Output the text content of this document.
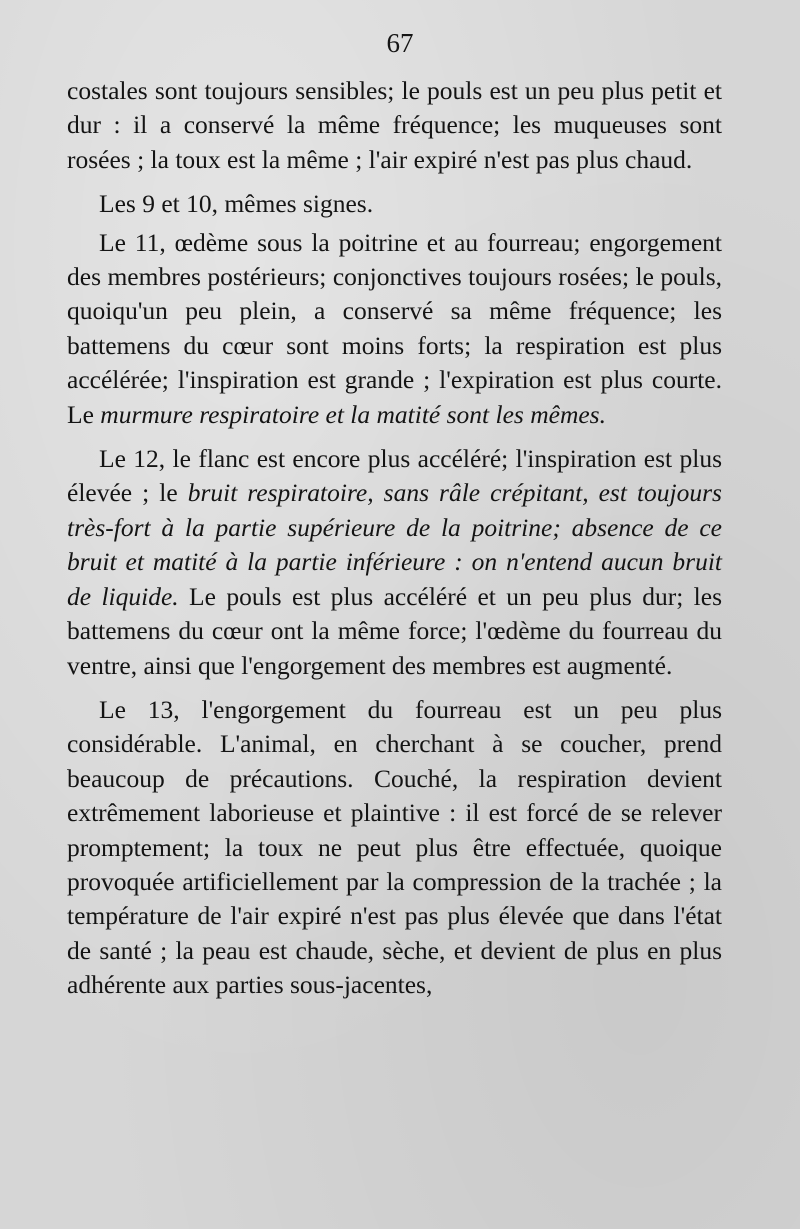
67

costales sont toujours sensibles; le pouls est un peu plus petit et dur : il a conservé la même fréquence; les muqueuses sont rosées ; la toux est la même ; l'air expiré n'est pas plus chaud.

Les 9 et 10, mêmes signes.

Le 11, œdème sous la poitrine et au fourreau; engorgement des membres postérieurs; conjonctives toujours rosées; le pouls, quoiqu'un peu plein, a conservé sa même fréquence; les battemens du cœur sont moins forts; la respiration est plus accélérée; l'inspiration est grande ; l'expiration est plus courte. Le murmure respiratoire et la matité sont les mêmes.

Le 12, le flanc est encore plus accéléré; l'inspiration est plus élevée ; le bruit respiratoire, sans râle crépitant, est toujours très-fort à la partie supérieure de la poitrine; absence de ce bruit et matité à la partie inférieure : on n'entend aucun bruit de liquide. Le pouls est plus accéléré et un peu plus dur; les battemens du cœur ont la même force; l'œdème du fourreau du ventre, ainsi que l'engorgement des membres est augmenté.

Le 13, l'engorgement du fourreau est un peu plus considérable. L'animal, en cherchant à se coucher, prend beaucoup de précautions. Couché, la respiration devient extrêmement laborieuse et plaintive : il est forcé de se relever promptement; la toux ne peut plus être effectuée, quoique provoquée artificiellement par la compression de la trachée ; la température de l'air expiré n'est pas plus élevée que dans l'état de santé ; la peau est chaude, sèche, et devient de plus en plus adhérente aux parties sous-jacentes,
